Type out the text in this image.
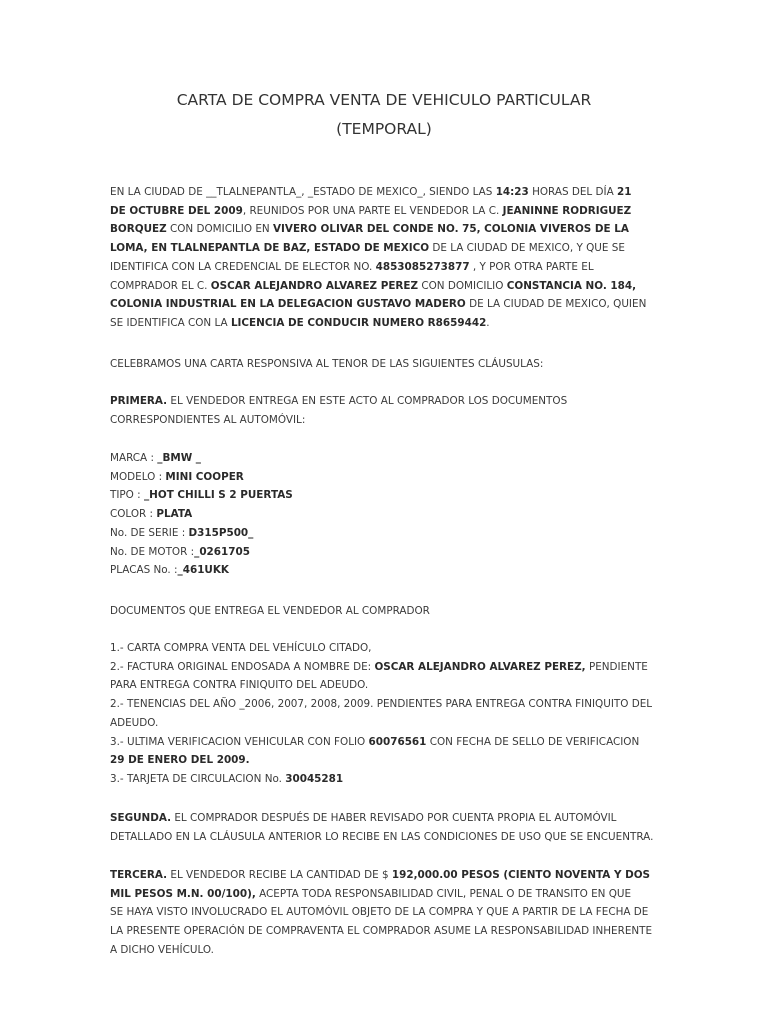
CARTA DE COMPRA VENTA DE VEHICULO PARTICULAR
(TEMPORAL)
EN LA CIUDAD DE __TLALNEPANTLA_, _ESTADO DE MEXICO_, SIENDO LAS 14:23 HORAS DEL DÍA 21
DE OCTUBRE DEL 2009, REUNIDOS POR UNA PARTE EL VENDEDOR LA C. JEANINNE RODRIGUEZ
BORQUEZ CON DOMICILIO EN VIVERO OLIVAR DEL CONDE NO. 75, COLONIA VIVEROS DE LA
LOMA, EN TLALNEPANTLA DE BAZ, ESTADO DE MEXICO DE LA CIUDAD DE MEXICO, Y QUE SE
IDENTIFICA CON LA CREDENCIAL DE ELECTOR NO. 4853085273877 , Y POR OTRA PARTE EL
COMPRADOR EL C. OSCAR ALEJANDRO ALVAREZ PEREZ CON DOMICILIO CONSTANCIA NO. 184,
COLONIA INDUSTRIAL EN LA DELEGACION GUSTAVO MADERO DE LA CIUDAD DE MEXICO, QUIEN
SE IDENTIFICA CON LA LICENCIA DE CONDUCIR NUMERO R8659442.
CELEBRAMOS UNA CARTA RESPONSIVA AL TENOR DE LAS SIGUIENTES CLÁUSULAS:
PRIMERA. EL VENDEDOR ENTREGA EN ESTE ACTO AL COMPRADOR LOS DOCUMENTOS
CORRESPONDIENTES AL AUTOMÓVIL:
MARCA : _BMW _
MODELO : MINI COOPER
TIPO : _HOT CHILLI S 2 PUERTAS
COLOR : PLATA
No. DE SERIE : D315P500_
No. DE MOTOR :_0261705
PLACAS No. :_461UKK
DOCUMENTOS QUE ENTREGA EL VENDEDOR AL COMPRADOR
1.- CARTA COMPRA VENTA DEL VEHÍCULO CITADO,
2.- FACTURA ORIGINAL ENDOSADA A NOMBRE DE: OSCAR ALEJANDRO ALVAREZ PEREZ, PENDIENTE
PARA ENTREGA CONTRA FINIQUITO DEL ADEUDO.
2.- TENENCIAS DEL AÑO _2006, 2007, 2008, 2009. PENDIENTES PARA ENTREGA CONTRA FINIQUITO DEL
ADEUDO.
3.- ULTIMA VERIFICACION VEHICULAR CON FOLIO 60076561 CON FECHA DE SELLO DE VERIFICACION
29 DE ENERO DEL 2009.
3.- TARJETA DE CIRCULACION No. 30045281
SEGUNDA. EL COMPRADOR DESPUÉS DE HABER REVISADO POR CUENTA PROPIA EL AUTOMÓVIL
DETALLADO EN LA CLÁUSULA ANTERIOR LO RECIBE EN LAS CONDICIONES DE USO QUE SE ENCUENTRA.
TERCERA. EL VENDEDOR RECIBE LA CANTIDAD DE $ 192,000.00 PESOS (CIENTO NOVENTA Y DOS
MIL PESOS M.N. 00/100), ACEPTA TODA RESPONSABILIDAD CIVIL, PENAL O DE TRANSITO EN QUE
SE HAYA VISTO INVOLUCRADO EL AUTOMÓVIL OBJETO DE LA COMPRA Y QUE A PARTIR DE LA FECHA DE
LA PRESENTE OPERACIÓN DE COMPRAVENTA EL COMPRADOR ASUME LA RESPONSABILIDAD INHERENTE
A DICHO VEHÍCULO.
